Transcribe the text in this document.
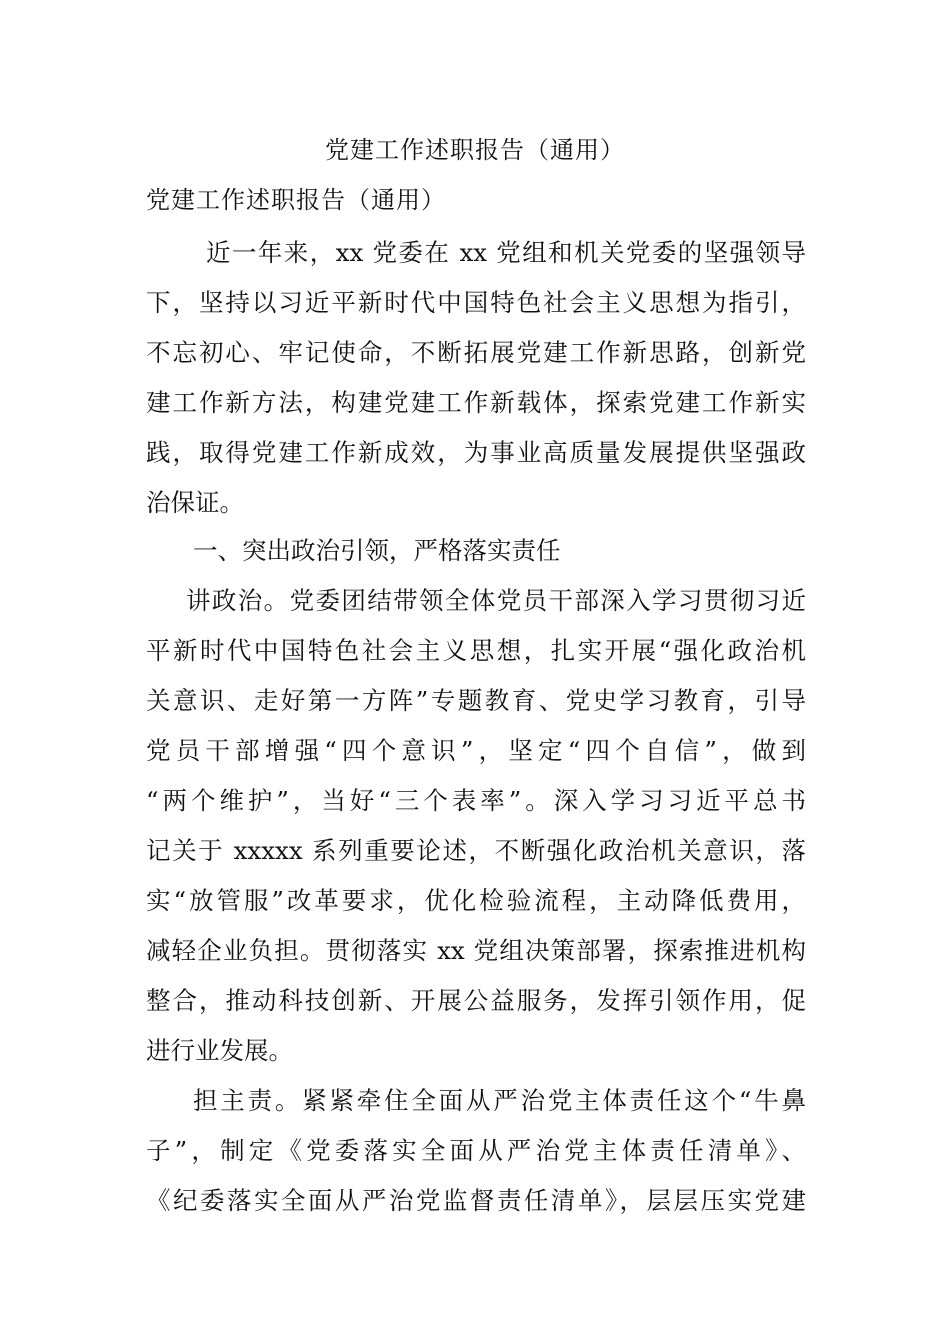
党建工作述职报告（通用）
党建工作述职报告（通用）
近一年来，xx 党委在 xx 党组和机关党委的坚强领导
下，坚持以习近平新时代中国特色社会主义思想为指引，
不忘初心、牢记使命，不断拓展党建工作新思路，创新党
建工作新方法，构建党建工作新载体，探索党建工作新实
践，取得党建工作新成效，为事业高质量发展提供坚强政
治保证。
一、突出政治引领，严格落实责任
讲政治。党委团结带领全体党员干部深入学习贯彻习近
平新时代中国特色社会主义思想，扎实开展“强化政治机
关意识、走好第一方阵”专题教育、党史学习教育，引导
党员干部增强“四个意识”，坚定“四个自信”，做到
“两个维护”，当好“三个表率”。深入学习习近平总书
记关于 xxxxx 系列重要论述，不断强化政治机关意识，落
实“放管服”改革要求，优化检验流程，主动降低费用，
减轻企业负担。贯彻落实 xx 党组决策部署，探索推进机构
整合，推动科技创新、开展公益服务，发挥引领作用，促
进行业发展。
担主责。紧紧牵住全面从严治党主体责任这个“牛鼻
子”，制定《党委落实全面从严治党主体责任清单》、
《纪委落实全面从严治党监督责任清单》，层层压实党建
